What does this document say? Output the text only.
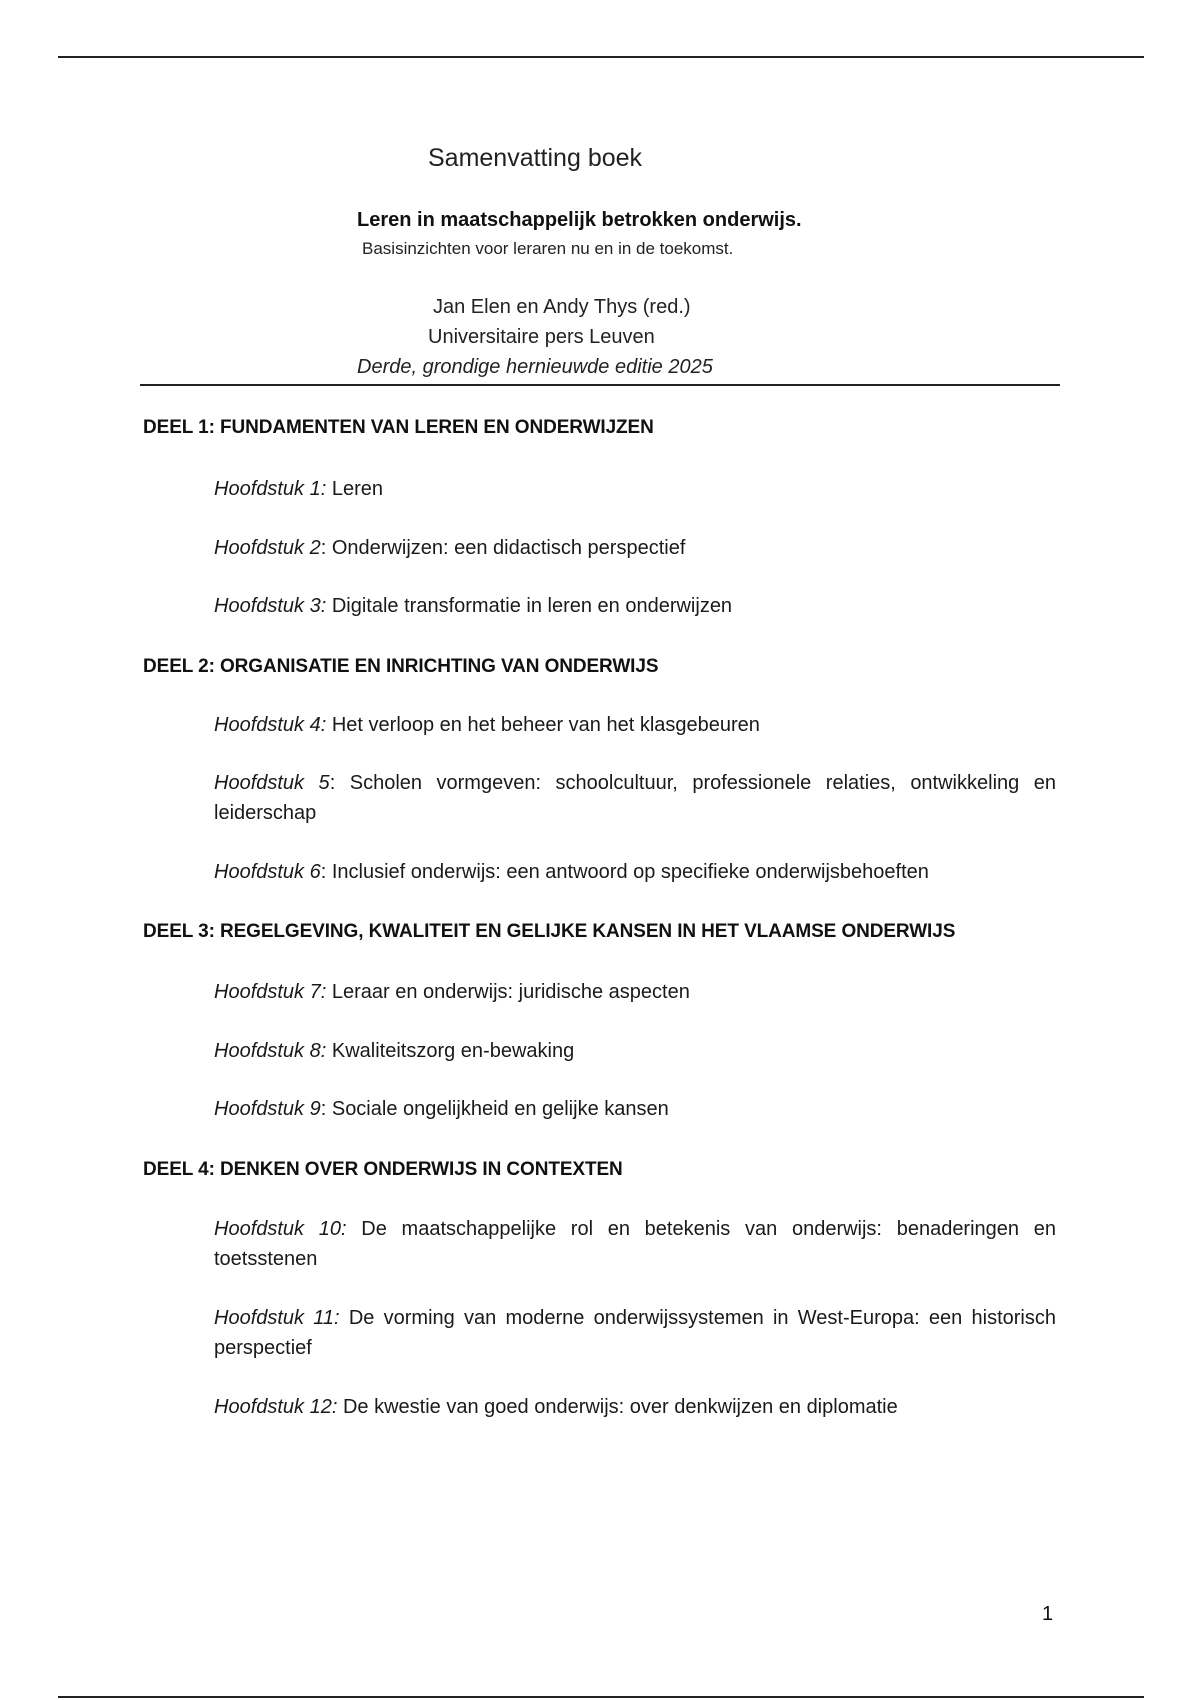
Samenvatting boek
Leren in maatschappelijk betrokken onderwijs.
Basisinzichten voor leraren nu en in de toekomst.
Jan Elen en Andy Thys (red.)
Universitaire pers Leuven
Derde, grondige hernieuwde editie 2025
DEEL 1: FUNDAMENTEN VAN LEREN EN ONDERWIJZEN
Hoofdstuk 1: Leren
Hoofdstuk 2: Onderwijzen: een didactisch perspectief
Hoofdstuk 3: Digitale transformatie in leren en onderwijzen
DEEL 2: ORGANISATIE EN INRICHTING VAN ONDERWIJS
Hoofdstuk 4: Het verloop en het beheer van het klasgebeuren
Hoofdstuk 5: Scholen vormgeven: schoolcultuur, professionele relaties, ontwikkeling en leiderschap
Hoofdstuk 6: Inclusief onderwijs: een antwoord op specifieke onderwijsbehoeften
DEEL 3: REGELGEVING, KWALITEIT EN GELIJKE KANSEN IN HET VLAAMSE ONDERWIJS
Hoofdstuk 7: Leraar en onderwijs: juridische aspecten
Hoofdstuk 8: Kwaliteitszorg en-bewaking
Hoofdstuk 9: Sociale ongelijkheid en gelijke kansen
DEEL 4: DENKEN OVER ONDERWIJS IN CONTEXTEN
Hoofdstuk 10: De maatschappelijke rol en betekenis van onderwijs: benaderingen en toetsstenen
Hoofdstuk 11: De vorming van moderne onderwijssystemen in West-Europa: een historisch perspectief
Hoofdstuk 12: De kwestie van goed onderwijs: over denkwijzen en diplomatie
1
